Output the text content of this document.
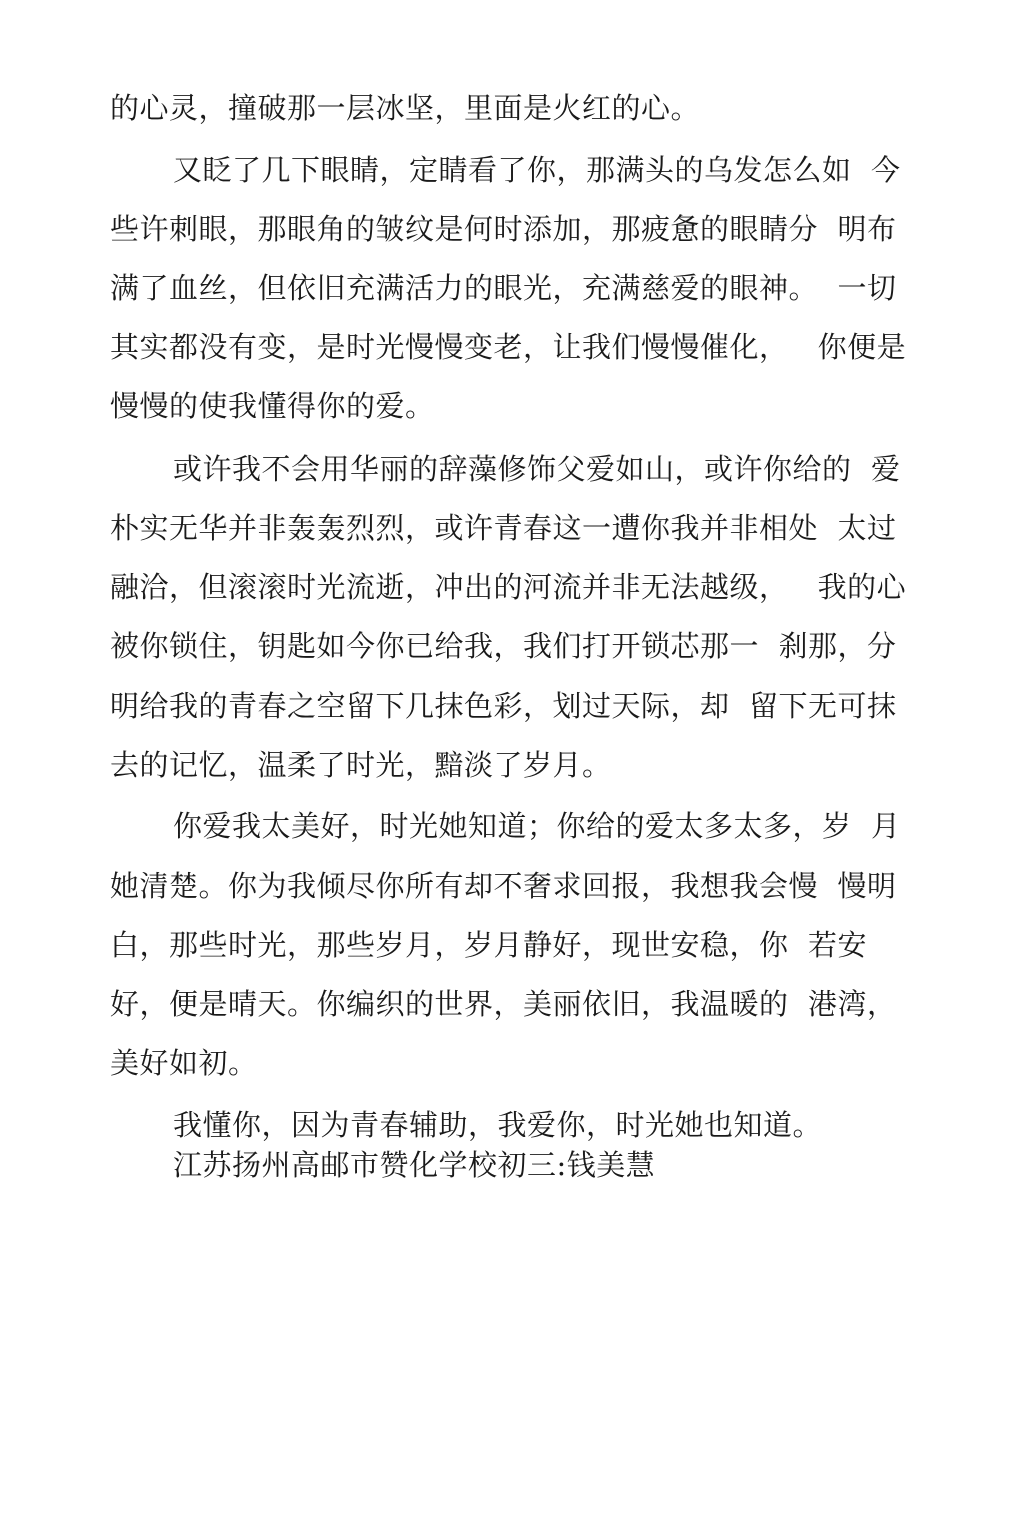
的心灵，撞破那一层冰坚，里面是火红的心。
又眨了几下眼睛，定睛看了你，那满头的乌发怎么如  今
些许刺眼，那眼角的皱纹是何时添加，那疲惫的眼睛分  明布
满了血丝，但依旧充满活力的眼光，充满慈爱的眼神。  一切
其实都没有变，是时光慢慢变老，让我们慢慢催化，   你便是
慢慢的使我懂得你的爱。
或许我不会用华丽的辞藻修饰父爱如山，或许你给的  爱
朴实无华并非轰轰烈烈，或许青春这一遭你我并非相处  太过
融洽，但滚滚时光流逝，冲出的河流并非无法越级，   我的心
被你锁住，钥匙如今你已给我，我们打开锁芯那一  刹那，分
明给我的青春之空留下几抹色彩，划过天际，却  留下无可抹
去的记忆，温柔了时光，黯淡了岁月。
你爱我太美好，时光她知道；你给的爱太多太多，岁  月
她清楚。你为我倾尽你所有却不奢求回报，我想我会慢  慢明
白，那些时光，那些岁月，岁月静好，现世安稳，你  若安
好，便是晴天。你编织的世界，美丽依旧，我温暖的  港湾，
美好如初。
我懂你，因为青春辅助，我爱你，时光她也知道。
江苏扬州高邮市赞化学校初三:钱美慧
